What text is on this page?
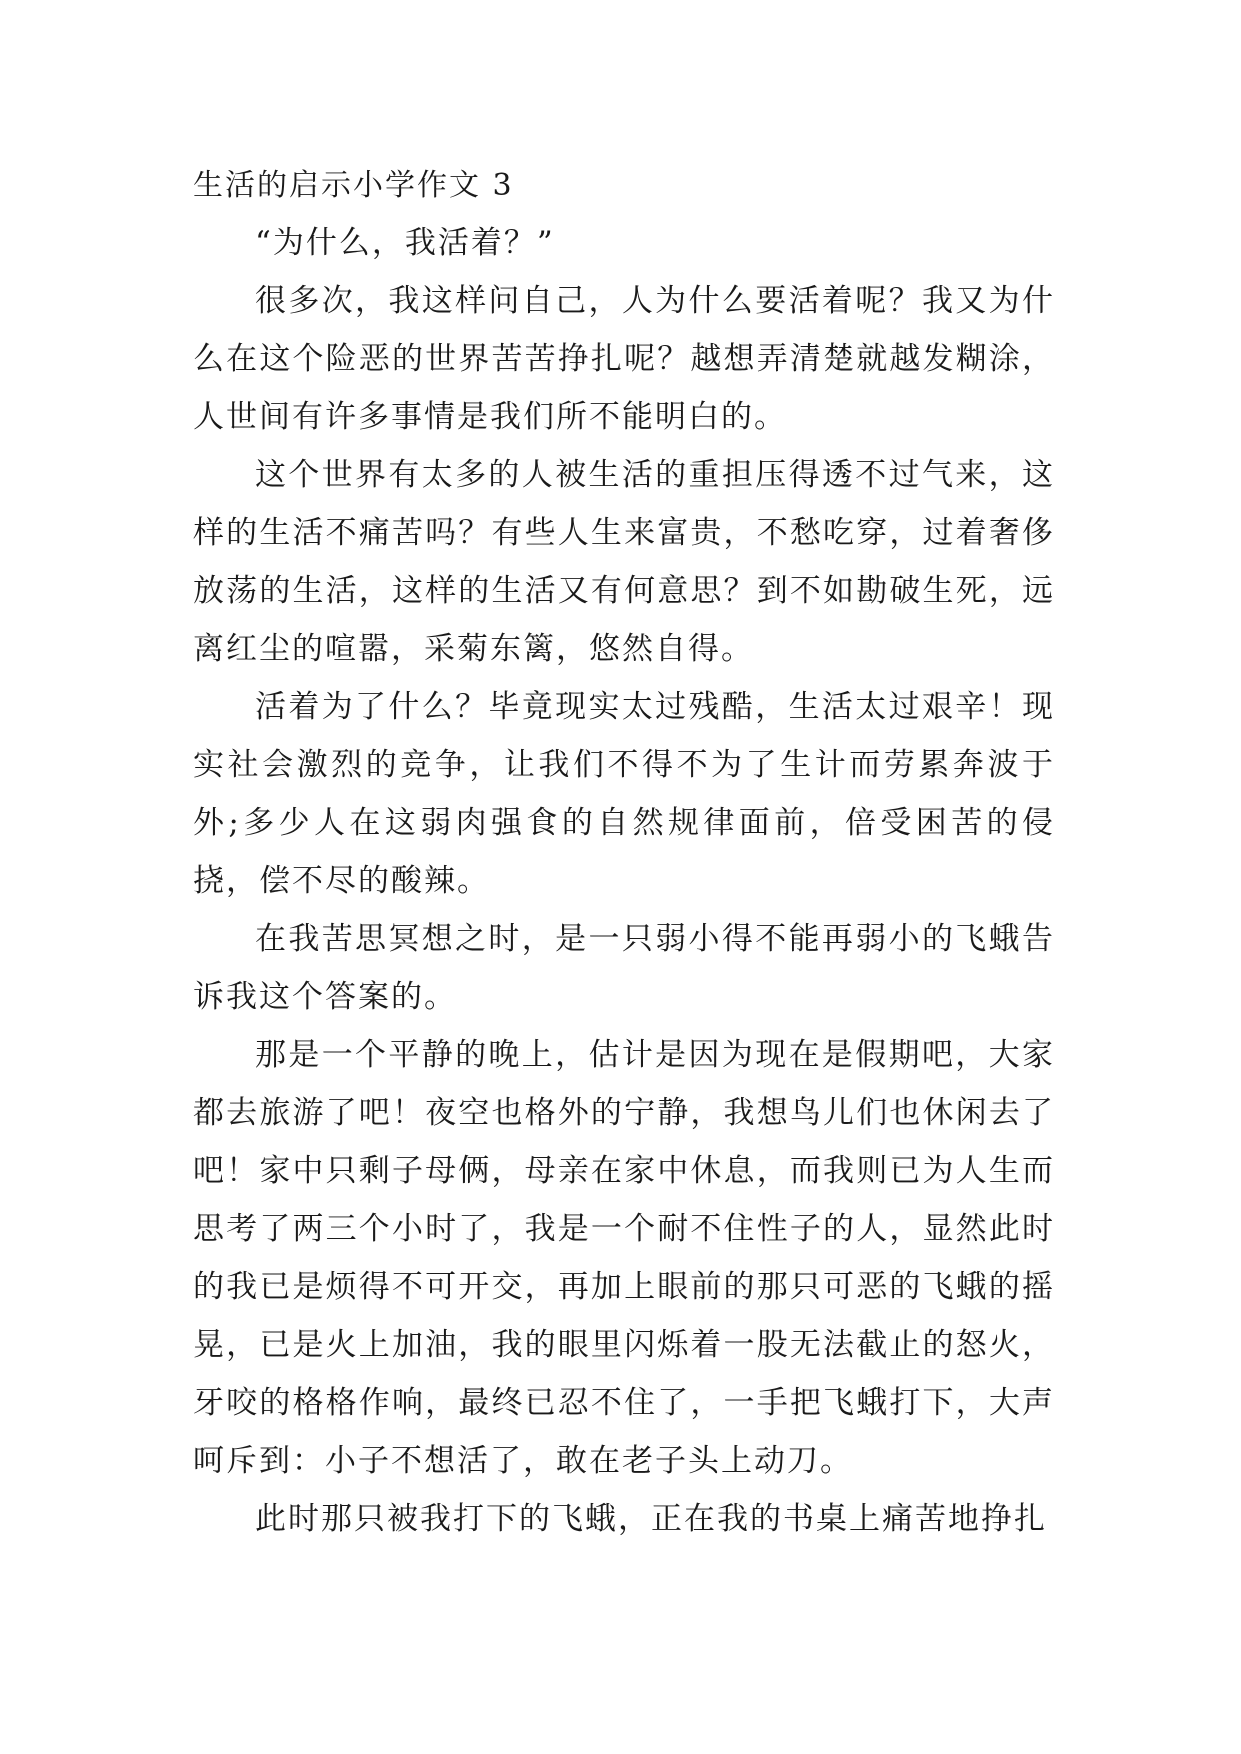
生活的启示小学作文 3

“为什么，我活着？”

很多次，我这样问自己，人为什么要活着呢？我又为什么在这个险恶的世界苦苦挣扎呢？越想弄清楚就越发糊涂，人世间有许多事情是我们所不能明白的。

这个世界有太多的人被生活的重担压得透不过气来，这样的生活不痛苦吗？有些人生来富贵，不愁吃穿，过着奢侈放荡的生活，这样的生活又有何意思？到不如勘破生死，远离红尘的喧嚣，采菊东篱，悠然自得。

活着为了什么？毕竟现实太过残酷，生活太过艰辛！现实社会激烈的竞争，让我们不得不为了生计而劳累奔波于外;多少人在这弱肉强食的自然规律面前，倍受困苦的侵挠，偿不尽的酸辣。

在我苦思冥想之时，是一只弱小得不能再弱小的飞蛾告诉我这个答案的。

那是一个平静的晚上，估计是因为现在是假期吧，大家都去旅游了吧！夜空也格外的宁静，我想鸟儿们也休闲去了吧！家中只剩子母俩，母亲在家中休息，而我则已为人生而思考了两三个小时了，我是一个耐不住性子的人，显然此时的我已是烦得不可开交，再加上眼前的那只可恶的飞蛾的摇晃，已是火上加油，我的眼里闪烁着一股无法截止的怒火，牙咬的格格作响，最终已忍不住了，一手把飞蛾打下，大声呵斥到：小子不想活了，敢在老子头上动刀。

此时那只被我打下的飞蛾，正在我的书桌上痛苦地挣扎
